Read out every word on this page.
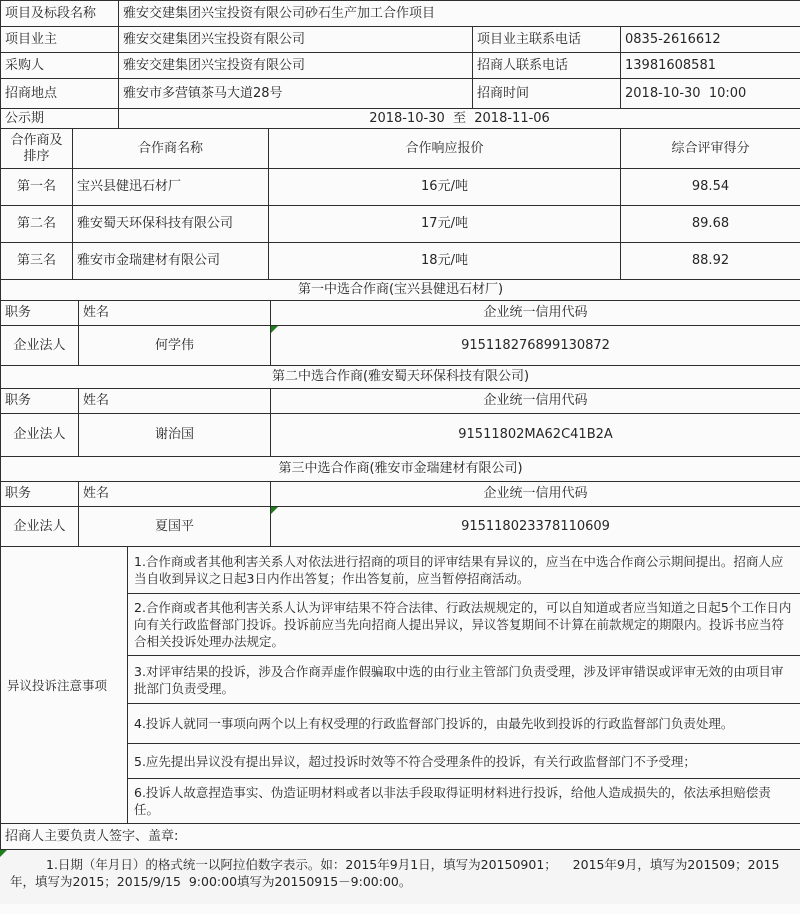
项目及标段名称	雅安交建集团兴宝投资有限公司砂石生产加工合作项目		
项目业主	雅安交建集团兴宝投资有限公司	项目业主联系电话	0835-2616612
采购人	雅安交建集团兴宝投资有限公司	招商人联系电话	13981608581
招商地点	雅安市多营镇茶马大道28号	招商时间	2018-10-30  10:00
公示期	2018-10-30  至  2018-11-06		
合作商及排序	合作商名称	合作响应报价	综合评审得分
第一名	宝兴县健迅石材厂	16元/吨	98.54
第二名	雅安蜀天环保科技有限公司	17元/吨	89.68
第三名	雅安市金瑞建材有限公司	18元/吨	88.92
第一中选合作商(宝兴县健迅石材厂)		
职务	姓名	企业统一信用代码
企业法人	何学伟	915118276899130872
第二中选合作商(雅安蜀天环保科技有限公司)		
职务	姓名	企业统一信用代码
企业法人	谢治国	91511802MA62C41B2A
第三中选合作商(雅安市金瑞建材有限公司)		
职务	姓名	企业统一信用代码
企业法人	夏国平	915118023378110609
异议投诉注意事项	1.合作商或者其他利害关系人对依法进行招商的项目的评审结果有异议的，应当在中选合作商公示期间提出。招商人应当自收到异议之日起3日内作出答复；作出答复前，应当暂停招商活动。
2.合作商或者其他利害关系人认为评审结果不符合法律、行政法规规定的，可以自知道或者应当知道之日起5个工作日内向有关行政监督部门投诉。投诉前应当先向招商人提出异议，异议答复期间不计算在前款规定的期限内。投诉书应当符合相关投诉处理办法规定。
3.对评审结果的投诉，涉及合作商弄虚作假骗取中选的由行业主管部门负责受理，涉及评审错误或评审无效的由项目审批部门负责受理。
4.投诉人就同一事项向两个以上有权受理的行政监督部门投诉的，由最先收到投诉的行政监督部门负责处理。
5.应先提出异议没有提出异议，超过投诉时效等不符合受理条件的投诉，有关行政监督部门不予受理；
6.投诉人故意捏造事实、伪造证明材料或者以非法手段取得证明材料进行投诉，给他人造成损失的，依法承担赔偿责任。
招商人主要负责人签字、盖章:

1.日期（年月日）的格式统一以阿拉伯数字表示。如：2015年9月1日，填写为20150901；    2015年9月，填写为201509；2015年，填写为2015；2015/9/15  9:00:00填写为20150915－9:00:00。
